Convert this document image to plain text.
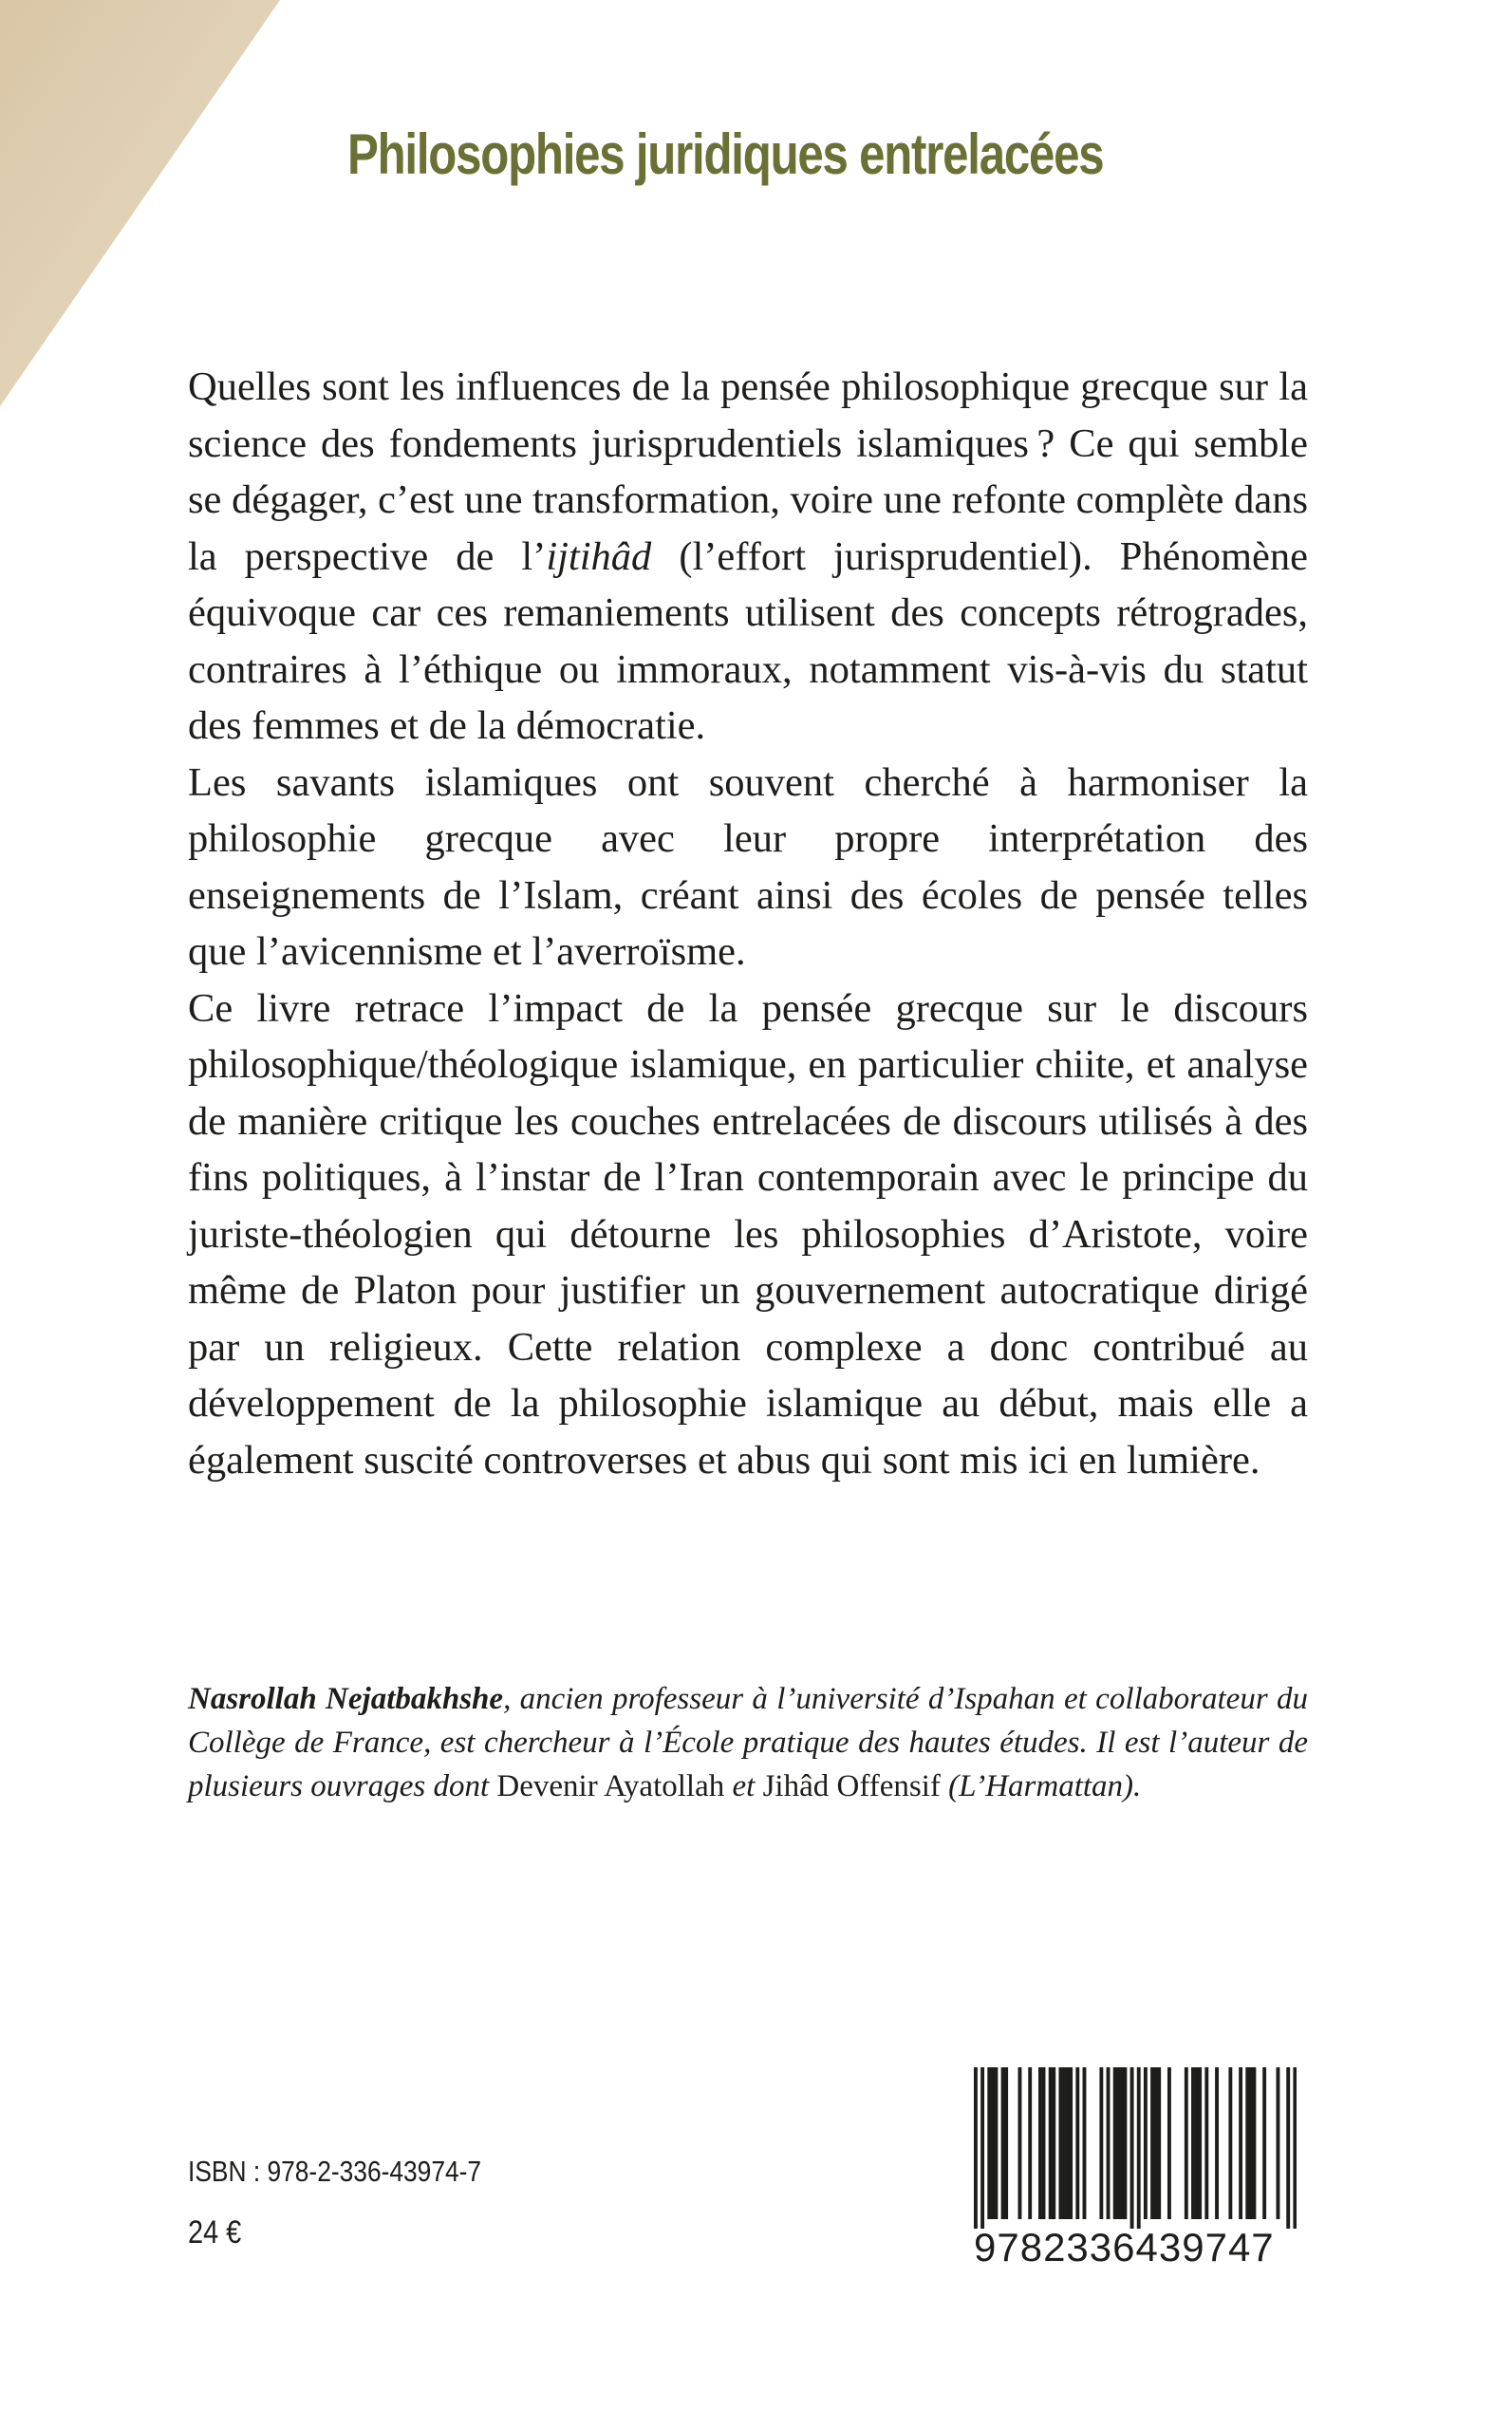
Philosophies juridiques entrelacées

Quelles sont les influences de la pensée philosophique grecque sur la science des fondements jurisprudentiels islamiques ? Ce qui semble se dégager, c’est une transformation, voire une refonte complète dans la perspective de l’ijtihâd (l’effort jurisprudentiel). Phénomène équivoque car ces remaniements utilisent des concepts rétrogrades, contraires à l’éthique ou immoraux, notamment vis-à-vis du statut des femmes et de la démocratie.

Les savants islamiques ont souvent cherché à harmoniser la philosophie grecque avec leur propre interprétation des enseignements de l’Islam, créant ainsi des écoles de pensée telles que l’avicennisme et l’averroïsme.

Ce livre retrace l’impact de la pensée grecque sur le discours philosophique/théologique islamique, en particulier chiite, et analyse de manière critique les couches entrelacées de discours utilisés à des fins politiques, à l’instar de l’Iran contemporain avec le principe du juriste-théologien qui détourne les philosophies d’Aristote, voire même de Platon pour justifier un gouvernement autocratique dirigé par un religieux. Cette relation complexe a donc contribué au développement de la philosophie islamique au début, mais elle a également suscité controverses et abus qui sont mis ici en lumière.

Nasrollah Nejatbakhshe, ancien professeur à l’université d’Ispahan et collaborateur du Collège de France, est chercheur à l’École pratique des hautes études. Il est l’auteur de plusieurs ouvrages dont Devenir Ayatollah et Jihâd Offensif (L’Harmattan).
ISBN : 978-2-336-43974-7
24 €	9782336439747
